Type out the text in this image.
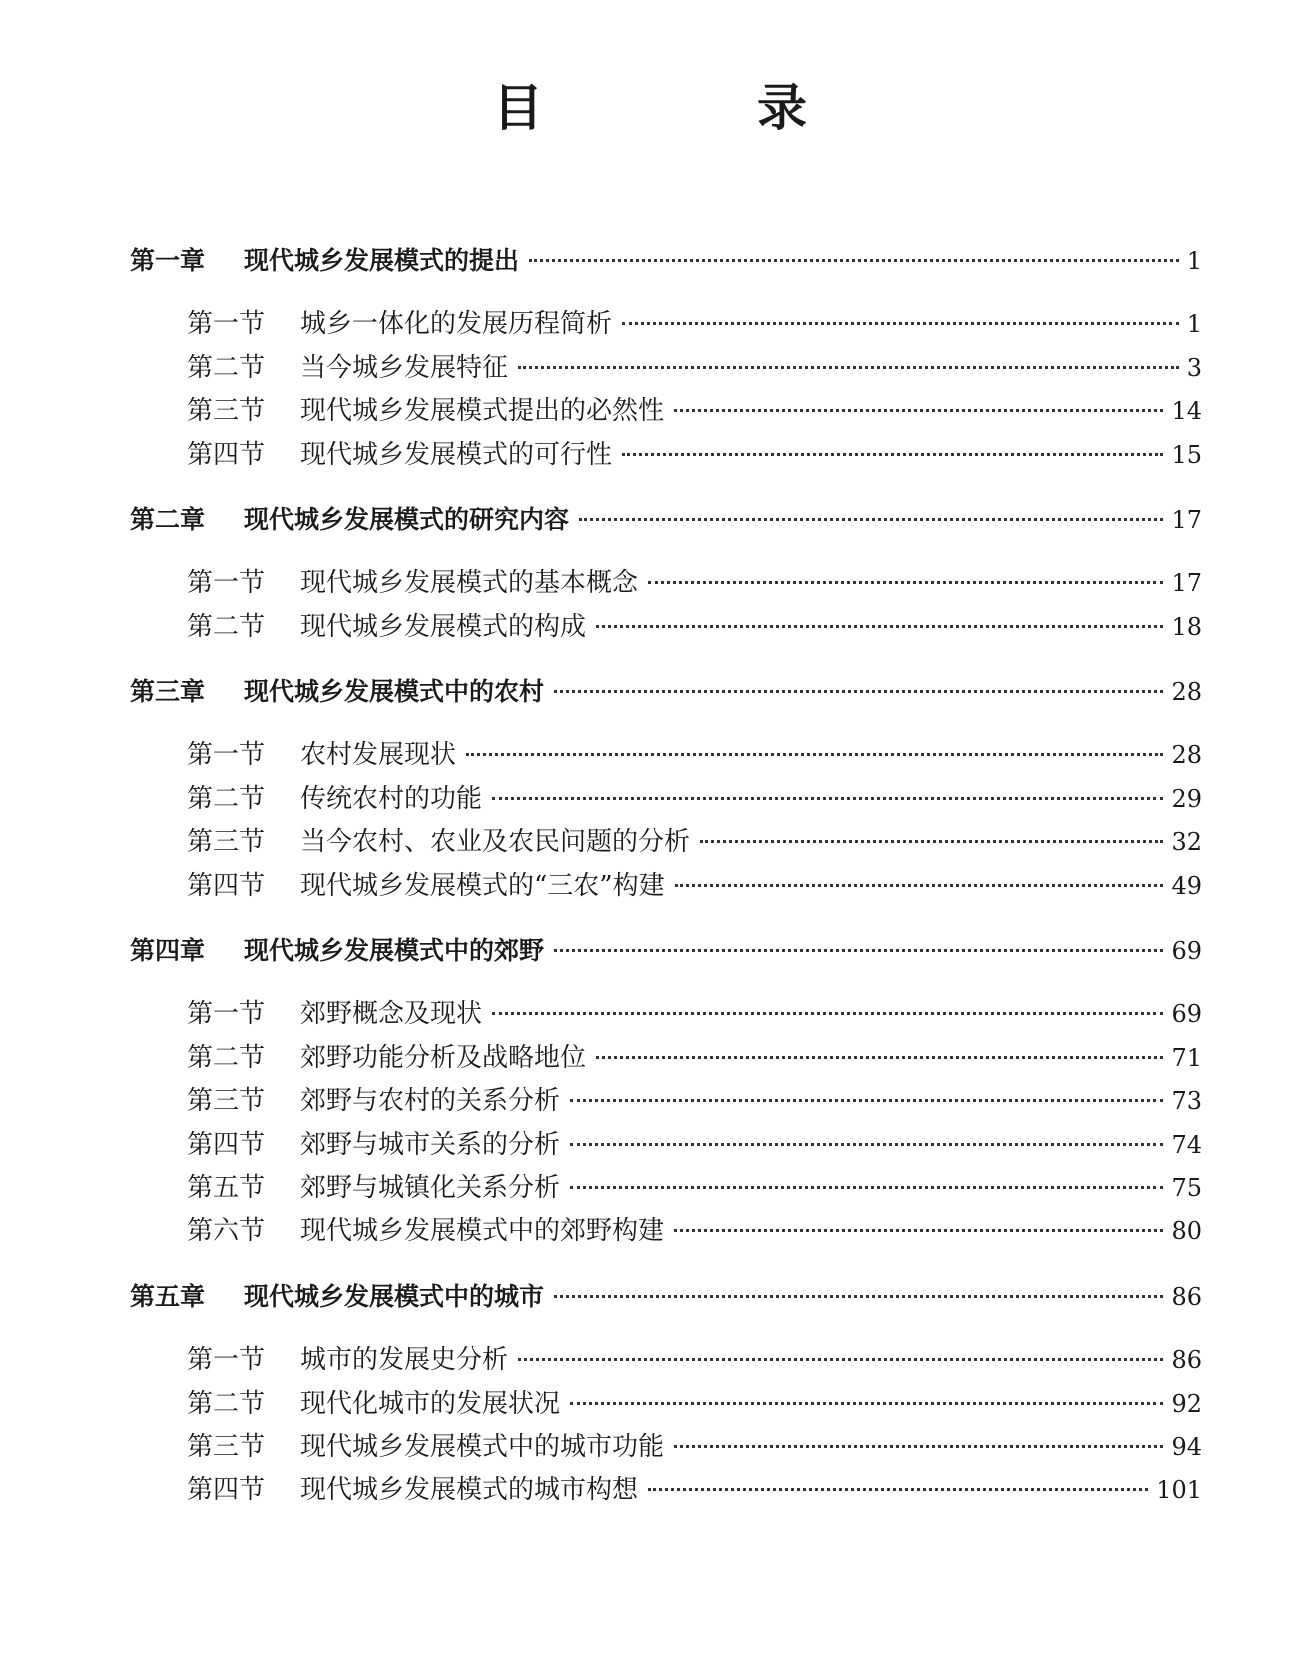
目　录
第一章	现代城乡发展模式的提出	1
第一节	城乡一体化的发展历程简析	1
第二节	当今城乡发展特征	3
第三节	现代城乡发展模式提出的必然性	14
第四节	现代城乡发展模式的可行性	15
第二章	现代城乡发展模式的研究内容	17
第一节	现代城乡发展模式的基本概念	17
第二节	现代城乡发展模式的构成	18
第三章	现代城乡发展模式中的农村	28
第一节	农村发展现状	28
第二节	传统农村的功能	29
第三节	当今农村、农业及农民问题的分析	32
第四节	现代城乡发展模式的“三农”构建	49
第四章	现代城乡发展模式中的郊野	69
第一节	郊野概念及现状	69
第二节	郊野功能分析及战略地位	71
第三节	郊野与农村的关系分析	73
第四节	郊野与城市关系的分析	74
第五节	郊野与城镇化关系分析	75
第六节	现代城乡发展模式中的郊野构建	80
第五章	现代城乡发展模式中的城市	86
第一节	城市的发展史分析	86
第二节	现代化城市的发展状况	92
第三节	现代城乡发展模式中的城市功能	94
第四节	现代城乡发展模式的城市构想	101
